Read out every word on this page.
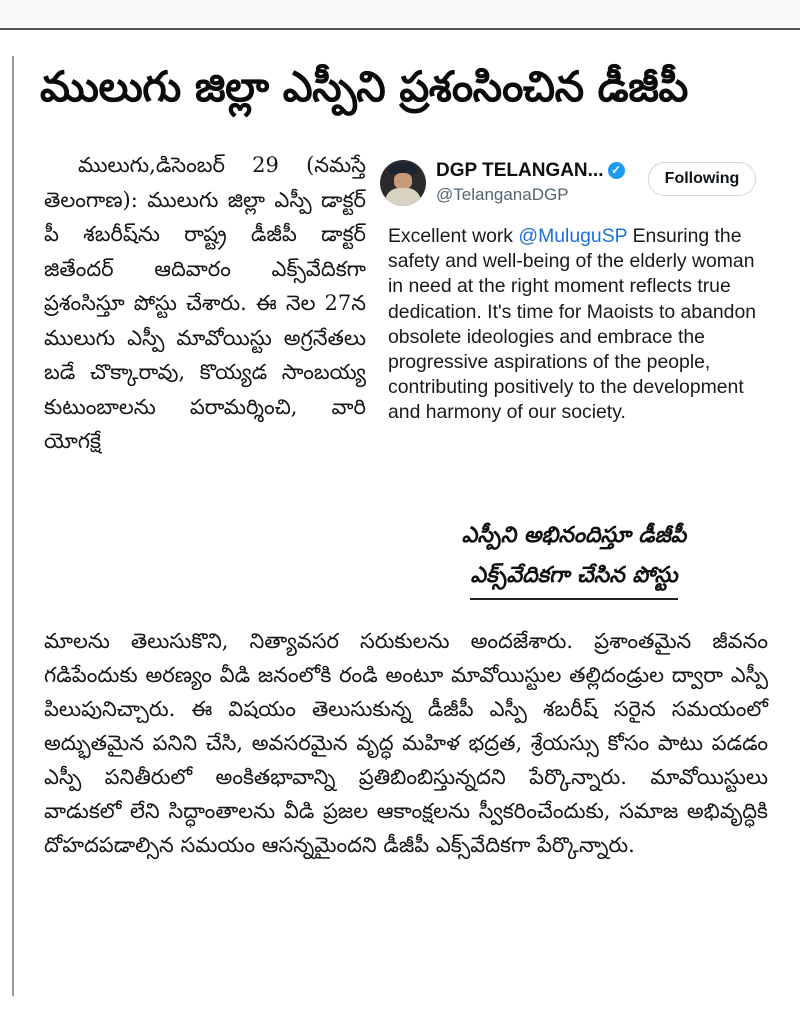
ములుగు జిల్లా ఎస్పీని ప్రశంసించిన డీజీపీ

ములుగు,డిసెంబర్ 29 (నమస్తే తెలంగాణ): ములుగు జిల్లా ఎస్పీ డాక్టర్ పీ శబరీష్‌ను రాష్ట్ర డీజీపీ డాక్టర్ జితేందర్ ఆదివారం ఎక్స్‌వేదికగా ప్రశంసిస్తూ పోస్టు చేశారు. ఈ నెల 27న ములుగు ఎస్పీ మావోయిస్టు అగ్రనేతలు బడే చొక్కారావు, కొయ్యడ సాంబయ్య కుటుంబాలను పరామర్శించి, వారి యోగక్షే

DGP TELANGAN... ✓
@TelanganaDGP
Following
Excellent work @MuluguSP Ensuring the safety and well-being of the elderly woman in need at the right moment reflects true dedication. It's time for Maoists to abandon obsolete ideologies and embrace the progressive aspirations of the people, contributing positively to the development and harmony of our society.
ఎస్పీని అభినందిస్తూ డీజీపీ
ఎక్స్‌వేదికగా చేసిన పోస్టు

మాలను తెలుసుకొని, నిత్యావసర సరుకులను అందజేశారు. ప్రశాంతమైన జీవనం గడిపేందుకు అరణ్యం వీడి జనంలోకి రండి అంటూ మావోయిస్టుల తల్లిదండ్రుల ద్వారా ఎస్పీ పిలుపునిచ్చారు. ఈ విషయం తెలుసుకున్న డీజీపీ ఎస్పీ శబరీష్ సరైన సమయంలో అద్భుతమైన పనిని చేసి, అవసరమైన వృద్ధ మహిళ భద్రత, శ్రేయస్సు కోసం పాటు పడడం ఎస్పీ పనితీరులో అంకితభావాన్ని ప్రతిబింబిస్తున్నదని పేర్కొన్నారు. మావోయిస్టులు వాడుకలో లేని సిద్ధాంతాలను వీడి ప్రజల ఆకాంక్షలను స్వీకరించేందుకు, సమాజ అభివృద్ధికి దోహదపడాల్సిన సమయం ఆసన్నమైందని డీజీపీ ఎక్స్‌వేదికగా పేర్కొన్నారు.
